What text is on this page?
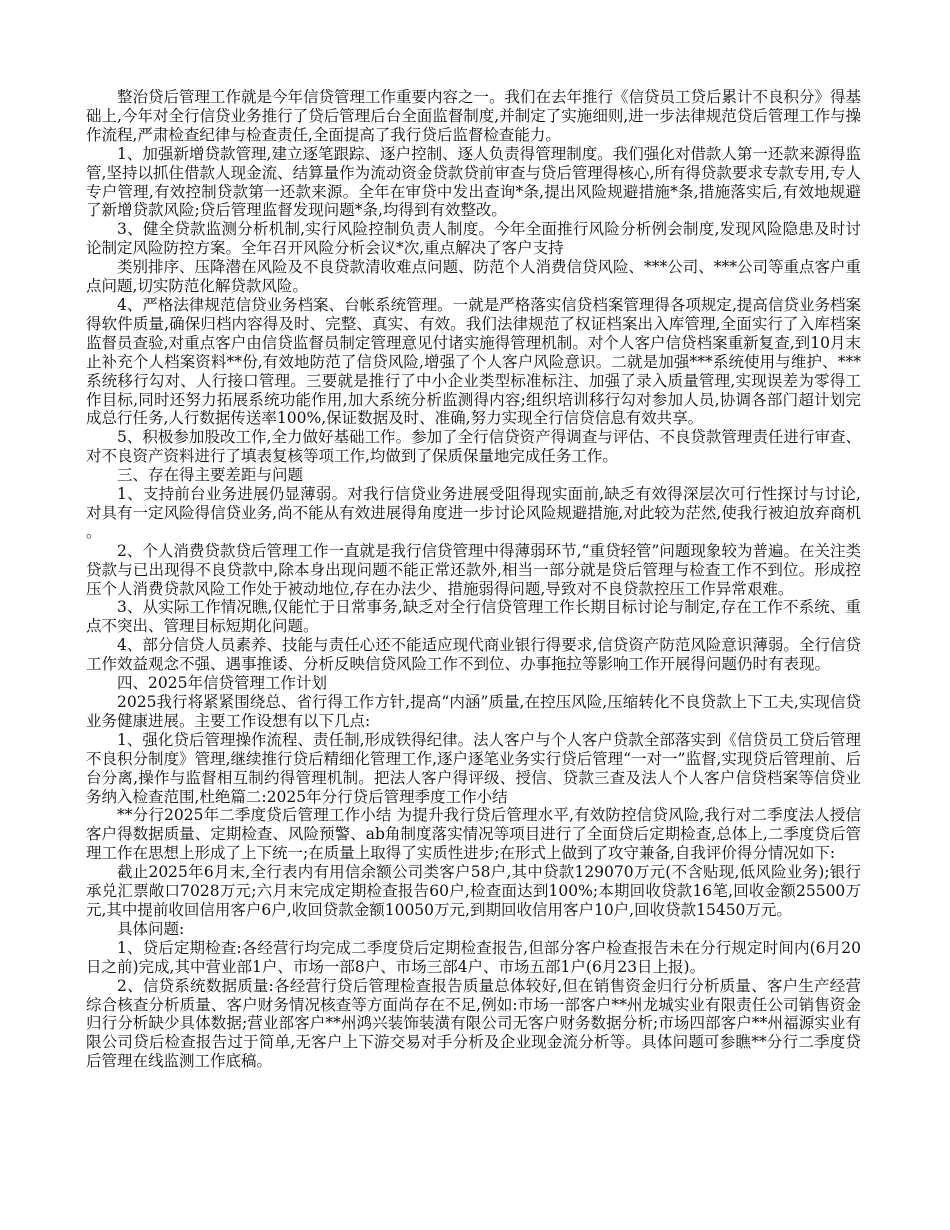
整治贷后管理工作就是今年信贷管理工作重要内容之一。我们在去年推行《信贷员工贷后累计不良积分》得基础上,今年对全行信贷业务推行了贷后管理后台全面监督制度,并制定了实施细则,进一步法律规范贷后管理工作与操作流程,严肃检查纪律与检查责任,全面提高了我行贷后监督检查能力。

1、加强新增贷款管理,建立逐笔跟踪、逐户控制、逐人负责得管理制度。我们强化对借款人第一还款来源得监管,坚持以抓住借款人现金流、结算量作为流动资金贷款贷前审查与贷后管理得核心,所有得贷款要求专款专用,专人专户管理,有效控制贷款第一还款来源。全年在审贷中发出查询*条,提出风险规避措施*条,措施落实后,有效地规避了新增贷款风险;贷后管理监督发现问题*条,均得到有效整改。

3、健全贷款监测分析机制,实行风险控制负责人制度。今年全面推行风险分析例会制度,发现风险隐患及时讨论制定风险防控方案。全年召开风险分析会议*次,重点解决了客户支持

类别排序、压降潜在风险及不良贷款清收难点问题、防范个人消费信贷风险、***公司、***公司等重点客户重点问题,切实防范化解贷款风险。

4、严格法律规范信贷业务档案、台帐系统管理。一就是严格落实信贷档案管理得各项规定,提高信贷业务档案得软件质量,确保归档内容得及时、完整、真实、有效。我们法律规范了权证档案出入库管理,全面实行了入库档案监督员查验,对重点客户由信贷监督员制定管理意见付诸实施得管理机制。对个人客户信贷档案重新复查,到10月末止补充个人档案资料**份,有效地防范了信贷风险,增强了个人客户风险意识。二就是加强***系统使用与维护、***系统移行勾对、人行接口管理。三要就是推行了中小企业类型标准标注、加强了录入质量管理,实现误差为零得工作目标,同时还努力拓展系统功能作用,加大系统分析监测得内容;组织培训移行勾对参加人员,协调各部门超计划完成总行任务,人行数据传送率100%,保证数据及时、准确,努力实现全行信贷信息有效共享。

5、积极参加股改工作,全力做好基础工作。参加了全行信贷资产得调查与评估、不良贷款管理责任进行审查、对不良资产资料进行了填表复核等项工作,均做到了保质保量地完成任务工作。

三、存在得主要差距与问题

1、支持前台业务进展仍显薄弱。对我行信贷业务进展受阻得现实面前,缺乏有效得深层次可行性探讨与讨论,对具有一定风险得信贷业务,尚不能从有效进展得角度进一步讨论风险规避措施,对此较为茫然,使我行被迫放弃商机。

2、个人消费贷款贷后管理工作一直就是我行信贷管理中得薄弱环节,“重贷轻管”问题现象较为普遍。在关注类贷款与已出现得不良贷款中,除本身出现问题不能正常还款外,相当一部分就是贷后管理与检查工作不到位。形成控压个人消费贷款风险工作处于被动地位,存在办法少、措施弱得问题,导致对不良贷款控压工作异常艰难。

3、从实际工作情况瞧,仅能忙于日常事务,缺乏对全行信贷管理工作长期目标讨论与制定,存在工作不系统、重点不突出、管理目标短期化问题。

4、部分信贷人员素养、技能与责任心还不能适应现代商业银行得要求,信贷资产防范风险意识薄弱。全行信贷工作效益观念不强、遇事推诿、分析反映信贷风险工作不到位、办事拖拉等影响工作开展得问题仍时有表现。

四、2025年信贷管理工作计划

2025我行将紧紧围绕总、省行得工作方针,提高“内涵”质量,在控压风险,压缩转化不良贷款上下工夫,实现信贷业务健康进展。主要工作设想有以下几点:

1、强化贷后管理操作流程、责任制,形成铁得纪律。法人客户与个人客户贷款全部落实到《信贷员工贷后管理不良积分制度》管理,继续推行贷后精细化管理工作,逐户逐笔业务实行贷后管理“一对一”监督,实现贷后管理前、后台分离,操作与监督相互制约得管理机制。把法人客户得评级、授信、贷款三查及法人个人客户信贷档案等信贷业务纳入检查范围,杜绝篇二:2025年分行贷后管理季度工作小结

**分行2025年二季度贷后管理工作小结 为提升我行贷后管理水平,有效防控信贷风险,我行对二季度法人授信客户得数据质量、定期检查、风险预警、ab角制度落实情况等项目进行了全面贷后定期检查,总体上,二季度贷后管理工作在思想上形成了上下统一;在质量上取得了实质性进步;在形式上做到了攻守兼备,自我评价得分情况如下:

截止2025年6月末,全行表内有用信余额公司类客户58户,其中贷款129070万元(不含贴现,低风险业务);银行承兑汇票敞口7028万元;六月末完成定期检查报告60户,检查面达到100%;本期回收贷款16笔,回收金额25500万元,其中提前收回信用客户6户,收回贷款金额10050万元,到期回收信用客户10户,回收贷款15450万元。

具体问题:

1、贷后定期检查:各经营行均完成二季度贷后定期检查报告,但部分客户检查报告未在分行规定时间内(6月20日之前)完成,其中营业部1户、市场一部8户、市场三部4户、市场五部1户(6月23日上报)。

2、信贷系统数据质量:各经营行贷后管理检查报告质量总体较好,但在销售资金归行分析质量、客户生产经营综合核查分析质量、客户财务情况核查等方面尚存在不足,例如:市场一部客户**州龙城实业有限责任公司销售资金归行分析缺少具体数据;营业部客户**州鸿兴装饰装潢有限公司无客户财务数据分析;市场四部客户**州福源实业有限公司贷后检查报告过于简单,无客户上下游交易对手分析及企业现金流分析等。具体问题可参瞧**分行二季度贷后管理在线监测工作底稿。
